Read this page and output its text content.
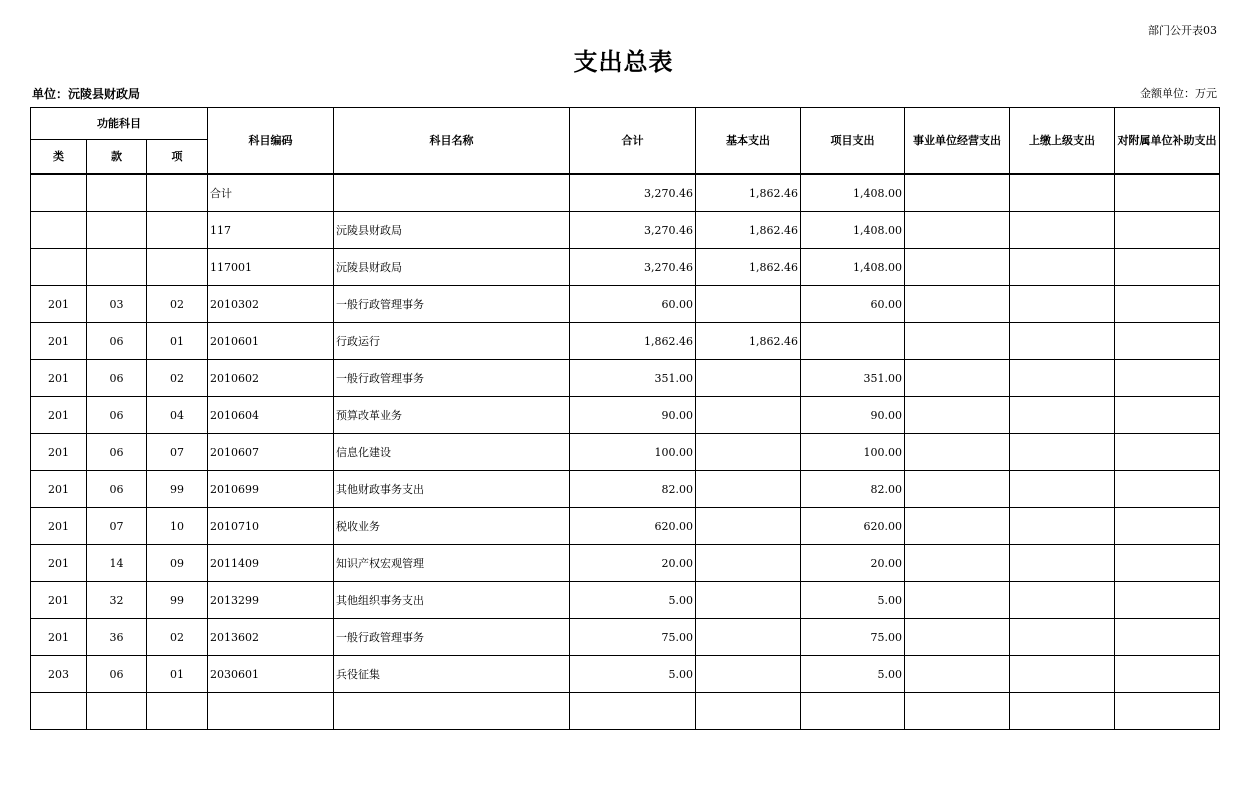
部门公开表03
支出总表
单位：沅陵县财政局	金额单位：万元
功能科目			科目编码	科目名称	合计	基本支出	项目支出	事业单位经营支出	上缴上级支出	对附属单位补助支出
类	款	项								
			合计		3,270.46	1,862.46	1,408.00			
			117	沅陵县财政局	3,270.46	1,862.46	1,408.00			
			117001	沅陵县财政局	3,270.46	1,862.46	1,408.00			
201	03	02	2010302	一般行政管理事务	60.00		60.00			
201	06	01	2010601	行政运行	1,862.46	1,862.46				
201	06	02	2010602	一般行政管理事务	351.00		351.00			
201	06	04	2010604	预算改革业务	90.00		90.00			
201	06	07	2010607	信息化建设	100.00		100.00			
201	06	99	2010699	其他财政事务支出	82.00		82.00			
201	07	10	2010710	税收业务	620.00		620.00			
201	14	09	2011409	知识产权宏观管理	20.00		20.00			
201	32	99	2013299	其他组织事务支出	5.00		5.00			
201	36	02	2013602	一般行政管理事务	75.00		75.00			
203	06	01	2030601	兵役征集	5.00		5.00			
